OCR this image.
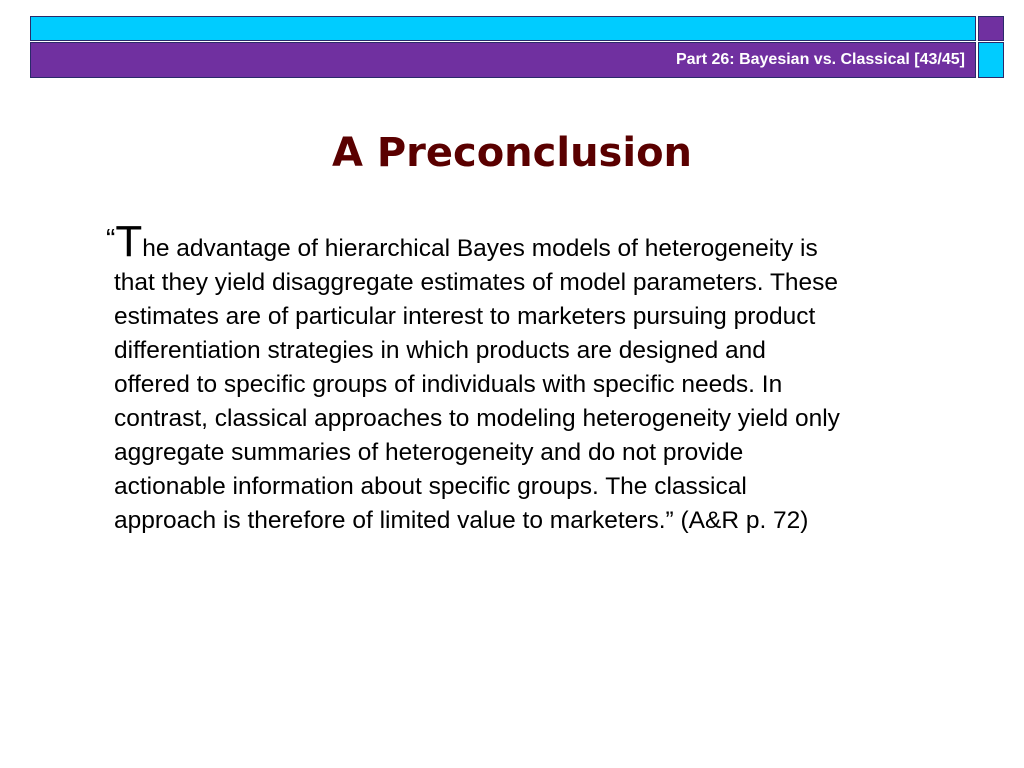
Part 26: Bayesian vs. Classical [43/45]
A Preconclusion

“The advantage of hierarchical Bayes models of heterogeneity is

that they yield disaggregate estimates of model parameters. These

estimates are of particular interest to marketers pursuing product

differentiation strategies in which products are designed and

offered to specific groups of individuals with specific needs. In

contrast, classical approaches to modeling heterogeneity yield only

aggregate summaries of heterogeneity and do not provide

actionable information about specific groups. The classical

approach is therefore of limited value to marketers.” (A&R p. 72)
